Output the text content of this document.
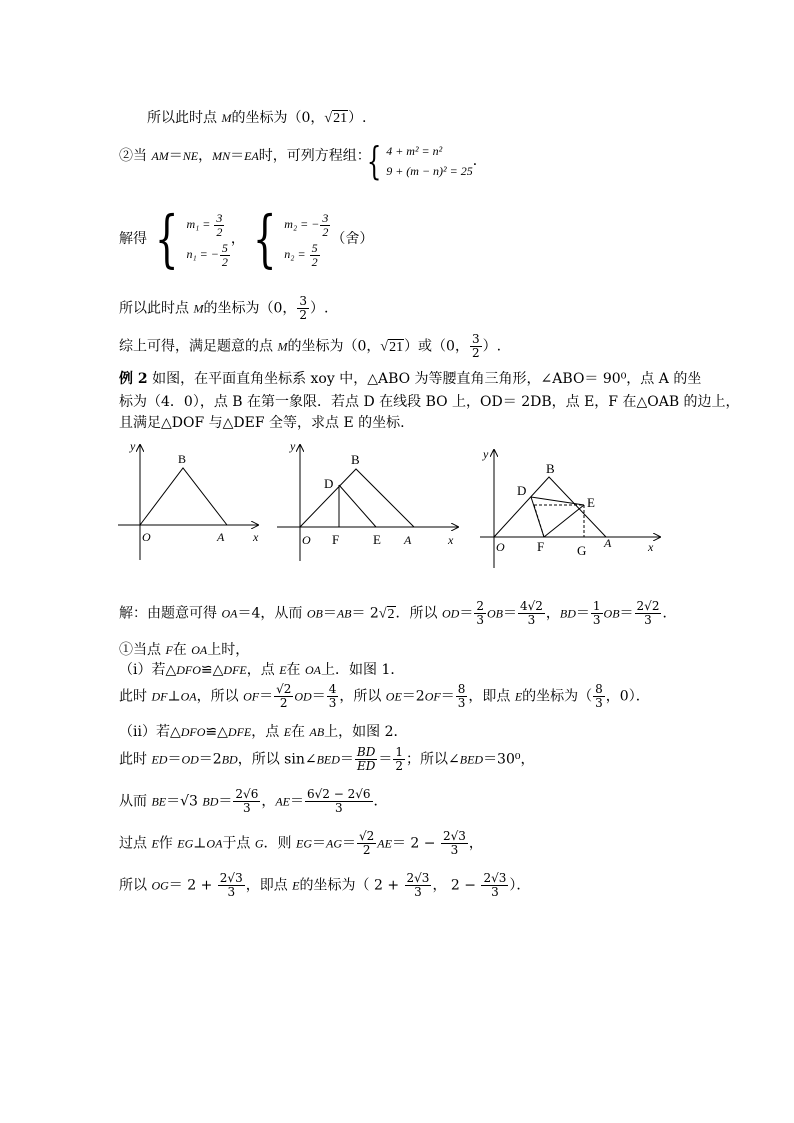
所以此时点 M的坐标为（0，√21）.
②当 AM＝NE，MN＝EA时，可列方程组：
{ 4 + m² = n²
9 + (m − n)² = 25
．
解得 { $m_1 = \frac{3}{2}$
n₁ = − $\frac{5}{2}$
， { m₂ = − $\frac{3}{2}$
$n_2 = \frac{5}{2}$
（舍）
所以此时点 M的坐标为（0， $\frac{3}{2}$ ）.
综上可得，满足题意的点 M的坐标为（0，√21）或（0， $\frac{3}{2}$ ）.
例 2 如图，在平面直角坐标系 xoy 中，△ABO 为等腰直角三角形，∠ABO＝ 90⁰，点 A 的坐
标为（4．0），点 B 在第一象限．若点 D 在线段 BO 上，OD＝ 2DB，点 E，F 在△OAB 的边上，
且满足△DOF 与△DEF 全等，求点 E 的坐标.
y
B
O	A x
y
B
D
O F	E A	x
y
B
D
E
O F	G A	x
解：由题意可得 OA＝4，从而 OB＝AB＝ 2√2．所以 $OD= \frac{2}{3} OB= \frac{4√2}{3}$ ，$BD= \frac{1}{3} OB= \frac{2√2}{3}$ ．
①当点 F在 OA上时，
（ⅰ）若△DFO≌△DFE，点 E在 OA上．如图 1．
此时 DF⊥OA，所以 $OF= \frac{√2}{2} OD= \frac{4}{3}$ ，所以 $OE=2OF= \frac{8}{3}$ ，即点 E的坐标为（ $\frac{8}{3}$ ，0）．
（ⅱ）若△DFO≌△DFE，点 E在 AB上，如图 2．
此时 ED＝OD＝2BD，所以 sin∠BED＝ $\frac{BD}{ED} = \frac{1}{2}$ ；所以∠BED＝30⁰，
从而 BE＝√3 $BD= \frac{2√6}{3}$ ，$AE= \frac{6√2 - 2√6}{3}$ ．
过点 E作 EG⊥OA于点 G．则 $EG=AG= \frac{√2}{2} AE= 2 - \frac{2√3}{3}$ ，
所以 $OG= 2 + \frac{2√3}{3}$ ，即点 E的坐标为（ $2 + \frac{2√3}{3}$ ， $2 - \frac{2√3}{3}$ ）．
